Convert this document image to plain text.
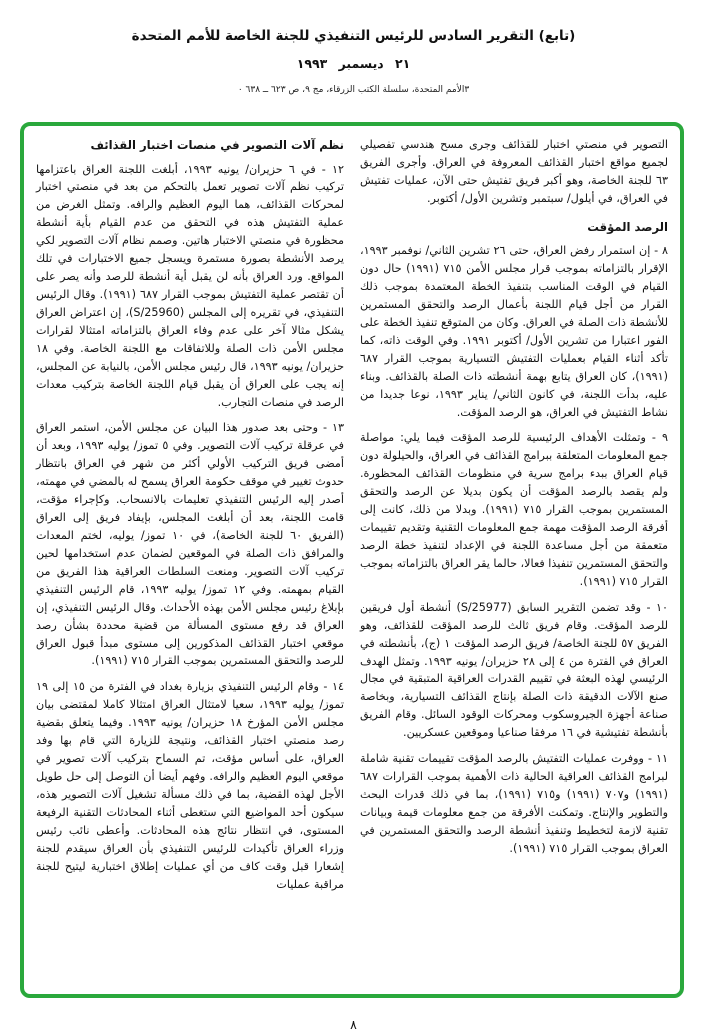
(تابع) التقرير السادس للرئيس التنفيذي للجنة الخاصة للأمم المتحدة
٢١ ديسمبر ١٩٩٣
٣الأمم المتحدة، سلسلة الكتب الزرقاء، مج ٩، ص ٦٢٣ ــ ٦٣٨ ٠

التصوير في منصتي اختبار للقذائف وجرى مسح هندسي تفصيلي لجميع مواقع اختبار القذائف المعروفة في العراق. وأجرى الفريق ٦٣ للجنة الخاصة، وهو أكبر فريق تفتيش حتى الآن، عمليات تفتيش في العراق، في أيلول/ سبتمبر وتشرين الأول/ أكتوبر.

الرصد المؤقت

٨ - إن استمرار رفض العراق، حتى ٢٦ تشرين الثاني/ نوفمبر ١٩٩٣، الإقرار بالتزاماته بموجب قرار مجلس الأمن ٧١٥ (١٩٩١) حال دون القيام في الوقت المناسب بتنفيذ الخطة المعتمدة بموجب ذلك القرار من أجل قيام اللجنة بأعمال الرصد والتحقق المستمرين للأنشطة ذات الصلة في العراق. وكان من المتوقع تنفيذ الخطة على الفور اعتبارا من تشرين الأول/ أكتوبر ١٩٩١. وفي الوقت ذاته، كما تأكد أثناء القيام بعمليات التفتيش التسيارية بموجب القرار ٦٨٧ (١٩٩١)، كان العراق يتابع بهمة أنشطته ذات الصلة بالقذائف. وبناء عليه، بدأت اللجنة، في كانون الثاني/ يناير ١٩٩٣، نوعا جديدا من نشاط التفتيش في العراق، هو الرصد المؤقت.

٩ - وتمثلت الأهداف الرئيسية للرصد المؤقت فيما يلي: مواصلة جمع المعلومات المتعلقة ببرامج القذائف في العراق، والحيلولة دون قيام العراق ببدء برامج سرية في منظومات القذائف المحظورة. ولم يقصد بالرصد المؤقت أن يكون بديلا عن الرصد والتحقق المستمرين بموجب القرار ٧١٥ (١٩٩١). وبدلا من ذلك، كانت إلى أفرقة الرصد المؤقت مهمة جمع المعلومات التقنية وتقديم تقييمات متعمقة من أجل مساعدة اللجنة في الإعداد لتنفيذ خطة الرصد والتحقق المستمرين تنفيذا فعالا، حالما يقر العراق بالتزاماته بموجب القرار ٧١٥ (١٩٩١).

١٠ - وقد تضمن التقرير السابق (S/25977) أنشطة أول فريقين للرصد المؤقت. وقام فريق ثالث للرصد المؤقت للقذائف، وهو الفريق ٥٧ للجنة الخاصة/ فريق الرصد المؤقت ١ (ج)، بأنشطته في العراق في الفترة من ٤ إلى ٢٨ حزيران/ يونيه ١٩٩٣. وتمثل الهدف الرئيسي لهذه البعثة في تقييم القدرات العراقية المتبقية في مجال صنع الآلات الدقيقة ذات الصلة بإنتاج القذائف التسيارية، وبخاصة صناعة أجهزة الجيروسكوب ومحركات الوقود السائل. وقام الفريق بأنشطة تفتيشية في ١٦ مرفقا صناعيا وموقعين عسكريين.

١١ - ووفرت عمليات التفتيش بالرصد المؤقت تقييمات تقنية شاملة لبرامج القذائف العراقية الحالية ذات الأهمية بموجب القرارات ٦٨٧ (١٩٩١) و٧٠٧ (١٩٩١) و٧١٥ (١٩٩١)، بما في ذلك قدرات البحث والتطوير والإنتاج. وتمكنت الأفرقة من جمع معلومات قيمة وبيانات تقنية لازمة لتخطيط وتنفيذ أنشطة الرصد والتحقق المستمرين في العراق بموجب القرار ٧١٥ (١٩٩١).

نظم آلات التصوير في منصات اختبار القذائف

١٢ - في ٦ حزيران/ يونيه ١٩٩٣، أبلغت اللجنة العراق باعتزامها تركيب نظم آلات تصوير تعمل بالتحكم من بعد في منصتي اختبار لمحركات القذائف، هما اليوم العظيم والرافه. وتمثل الغرض من عملية التفتيش هذه في التحقق من عدم القيام بأية أنشطة محظورة في منصتي الاختبار هاتين. وصمم نظام آلات التصوير لكي يرصد الأنشطة بصورة مستمرة ويسجل جميع الاختبارات في تلك المواقع. ورد العراق بأنه لن يقبل أية أنشطة للرصد وأنه يصر على أن تقتصر عملية التفتيش بموجب القرار ٦٨٧ (١٩٩١). وقال الرئيس التنفيذي، في تقريره إلى المجلس (S/25960)، إن اعتراض العراق يشكل مثالا آخر على عدم وفاء العراق بالتزاماته امتثالا لقرارات مجلس الأمن ذات الصلة وللاتفاقات مع اللجنة الخاصة. وفي ١٨ حزيران/ يونيه ١٩٩٣، قال رئيس مجلس الأمن، بالنيابة عن المجلس، إنه يجب على العراق أن يقبل قيام اللجنة الخاصة بتركيب معدات الرصد في منصات التجارب.

١٣ - وحتى بعد صدور هذا البيان عن مجلس الأمن، استمر العراق في عرقلة تركيب آلات التصوير. وفي ٥ تموز/ يوليه ١٩٩٣، وبعد أن أمضى فريق التركيب الأولي أكثر من شهر في العراق بانتظار حدوث تغيير في موقف حكومة العراق يسمح له بالمضي في مهمته، أصدر إليه الرئيس التنفيذي تعليمات بالانسحاب. وكإجراء مؤقت، قامت اللجنة، بعد أن أبلغت المجلس، بإيفاد فريق إلى العراق (الفريق ٦٠ للجنة الخاصة)، في ١٠ تموز/ يوليه، لختم المعدات والمرافق ذات الصلة في الموقعين لضمان عدم استخدامها لحين تركيب آلات التصوير. ومنعت السلطات العراقية هذا الفريق من القيام بمهمته. وفي ١٢ تموز/ يوليه ١٩٩٣، قام الرئيس التنفيذي بإبلاغ رئيس مجلس الأمن بهذه الأحداث. وقال الرئيس التنفيذي، إن العراق قد رفع مستوى المسألة من قضية محددة بشأن رصد موقعي اختبار القذائف المذكورين إلى مستوى مبدأ قبول العراق للرصد والتحقق المستمرين بموجب القرار ٧١٥ (١٩٩١).

١٤ - وقام الرئيس التنفيذي بزيارة بغداد في الفترة من ١٥ إلى ١٩ تموز/ يوليه ١٩٩٣، سعيا لامتثال العراق امتثالا كاملا لمقتضى بيان مجلس الأمن المؤرخ ١٨ حزيران/ يونيه ١٩٩٣. وفيما يتعلق بقضية رصد منصتي اختبار القذائف، ونتيجة للزيارة التي قام بها وفد العراق، على أساس مؤقت، تم السماح بتركيب آلات تصوير في موقعي اليوم العظيم والرافه. وفهم أيضا أن التوصل إلى حل طويل الأجل لهذه القضية، بما في ذلك مسألة تشغيل آلات التصوير هذه، سيكون أحد المواضيع التي ستغطى أثناء المحادثات التقنية الرفيعة المستوى، في انتظار نتائج هذه المحادثات. وأعطى نائب رئيس وزراء العراق تأكيدات للرئيس التنفيذي بأن العراق سيقدم للجنة إشعارا قبل وقت كاف من أي عمليات إطلاق اختبارية ليتيح للجنة مراقبة عمليات

٨
